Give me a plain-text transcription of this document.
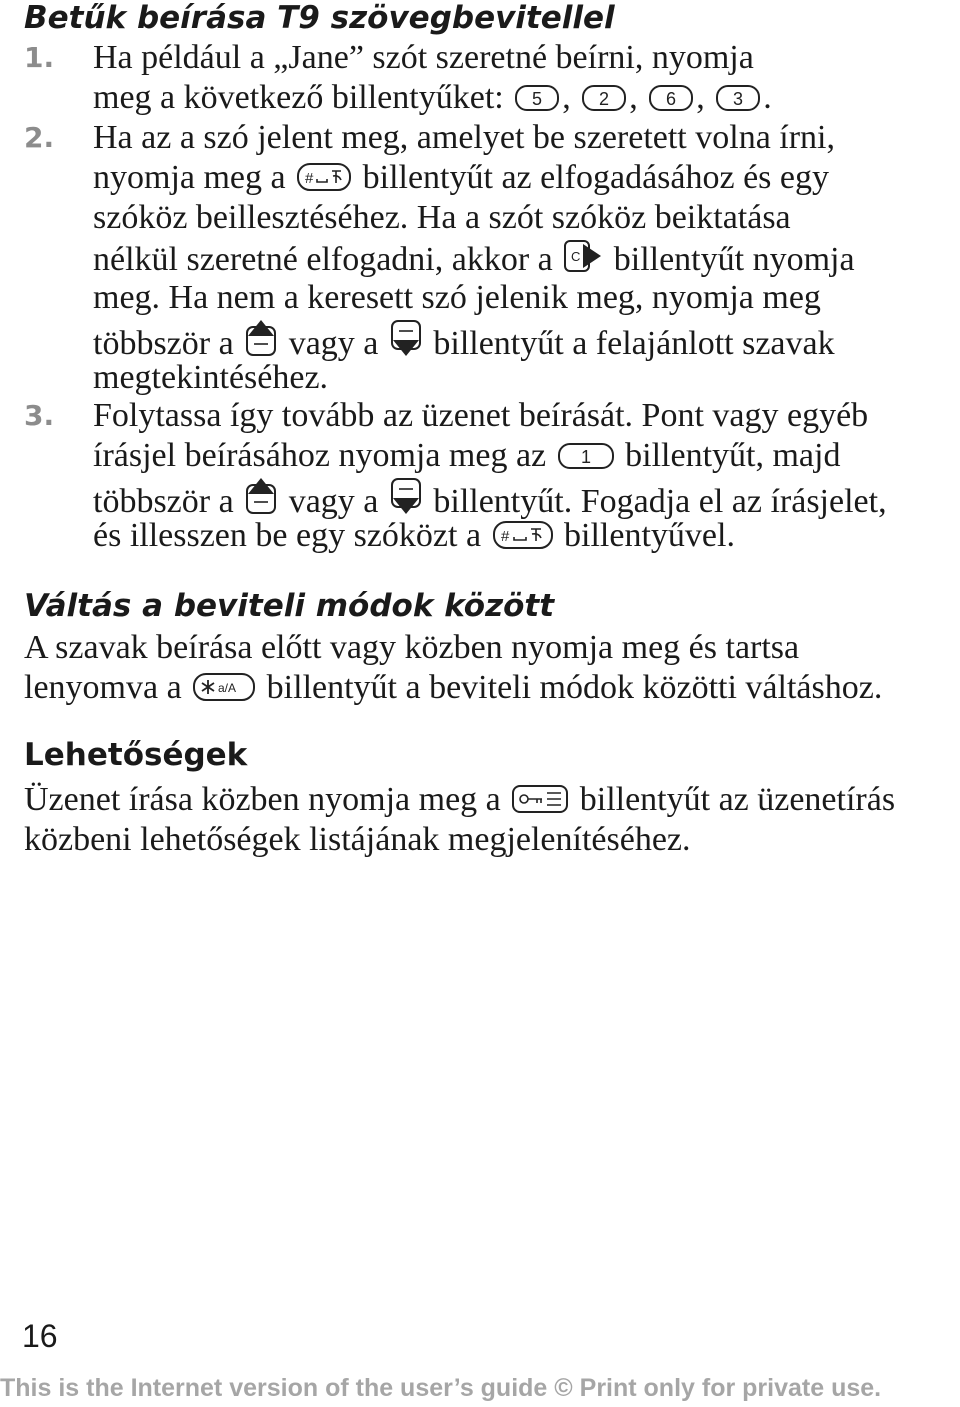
Betűk beírása T9 szövegbevitellel
1.	Ha például a „Jane” szót szeretné beírni, nyomja
meg a következő billentyűket: 5 , 2 , 6 , 3 .
2.	Ha az a szó jelent meg, amelyet be szeretett volna írni,
nyomja meg a # billentyűt az elfogadásához és egy
szóköz beillesztéséhez. Ha a szót szóköz beiktatása
nélkül szeretné elfogadni, akkor a C billentyűt nyomja
meg. Ha nem a keresett szó jelenik meg, nyomja meg
többször a vagy a billentyűt a felajánlott szavak
megtekintéséhez.
3.	Folytassa így tovább az üzenet beírását. Pont vagy egyéb
írásjel beírásához nyomja meg az 1 billentyűt, majd
többször a vagy a billentyűt. Fogadja el az írásjelet,
és illesszen be egy szóközt a # billentyűvel.
Váltás a beviteli módok között
A szavak beírása előtt vagy közben nyomja meg és tartsa
lenyomva a	a/A billentyűt a beviteli módok közötti váltáshoz.
Lehetőségek
Üzenet írása közben nyomja meg a billentyűt az üzenetírás
közbeni lehetőségek listájának megjelenítéséhez.
16
This is the Internet version of the user’s guide © Print only for private use.
